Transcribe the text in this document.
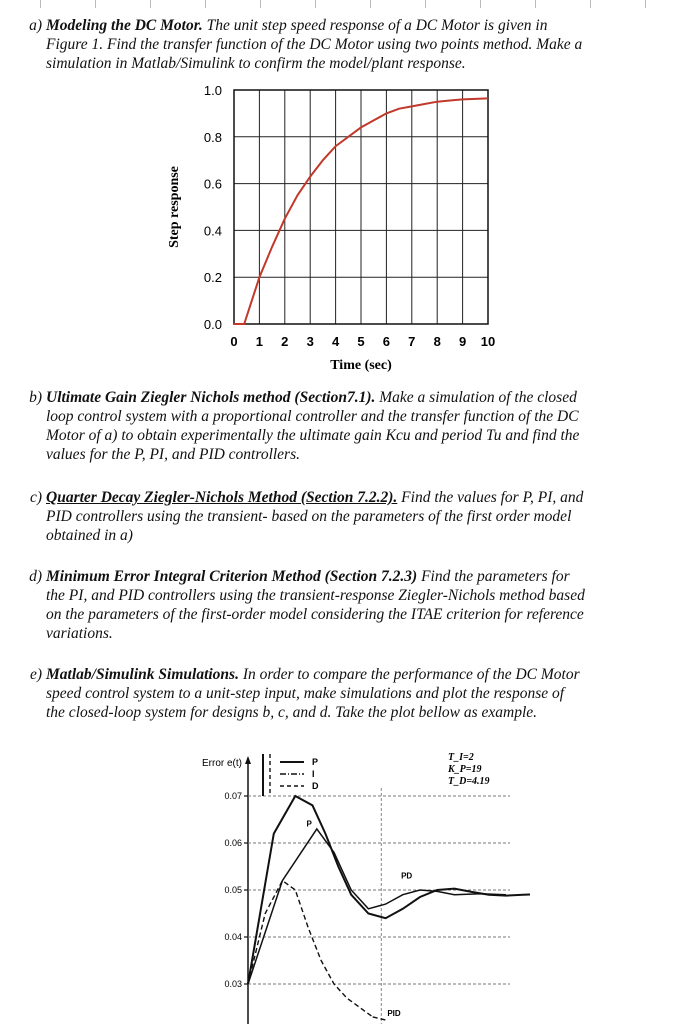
a) Modeling the DC Motor. The unit step speed response of a DC Motor is given in
Figure 1. Find the transfer function of the DC Motor using two points method. Make a
simulation in Matlab/Simulink to confirm the model/plant response.
0 1 2 3 4 5 6 7 8 9 10
0.0
0.2
0.4
0.6
0.8
1.0
Time (sec)
Step response
b) Ultimate Gain Ziegler Nichols method (Section7.1). Make a simulation of the closed
loop control system with a proportional controller and the transfer function of the DC
Motor of a) to obtain experimentally the ultimate gain Kcu and period Tu and find the
values for the P, PI, and PID controllers.
c) Quarter Decay Ziegler-Nichols Method (Section 7.2.2). Find the values for P, PI, and
PID controllers using the transient- based on the parameters of the first order model
obtained in a)
d) Minimum Error Integral Criterion Method (Section 7.2.3) Find the parameters for
the PI, and PID controllers using the transient-response Ziegler-Nichols method based
on the parameters of the first-order model considering the ITAE criterion for reference
variations.
e) Matlab/Simulink Simulations. In order to compare the performance of the DC Motor
speed control system to a unit-step input, make simulations and plot the response of
the closed-loop system for designs b, c, and d. Take the plot bellow as example.
Error e(t)
0.03
0.04
0.05
0.06
0.07
P
I
D
T_I=2
K_P=19
T_D=4.19
P
PD
PID
